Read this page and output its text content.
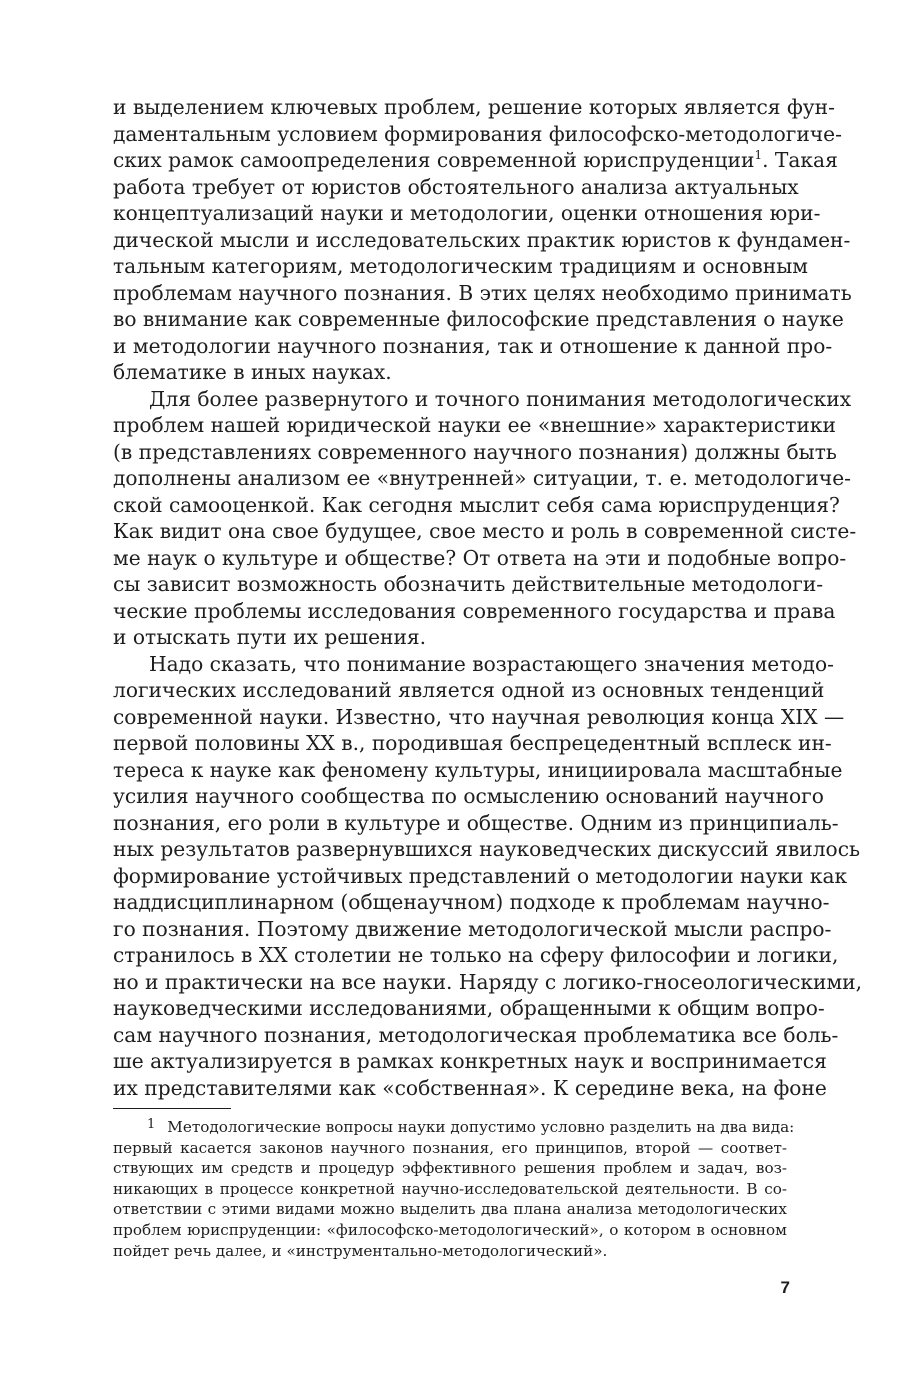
и выделением ключевых проблем, решение которых является фун-
даментальным условием формирования философско-методологиче-
ских рамок самоопределения современной юриспруденции$^1$. Такая
работа требует от юристов обстоятельного анализа актуальных
концептуализаций науки и методологии, оценки отношения юри-
дической мысли и исследовательских практик юристов к фундамен-
тальным категориям, методологическим традициям и основным
проблемам научного познания. В этих целях необходимо принимать
во внимание как современные философские представления о науке
и методологии научного познания, так и отношение к данной про-
блематике в иных науках.
Для более развернутого и точного понимания методологических
проблем нашей юридической науки ее «внешние» характеристики
(в представлениях современного научного познания) должны быть
дополнены анализом ее «внутренней» ситуации, т. е. методологиче-
ской самооценкой. Как сегодня мыслит себя сама юриспруденция?
Как видит она свое будущее, свое место и роль в современной систе-
ме наук о культуре и обществе? От ответа на эти и подобные вопро-
сы зависит возможность обозначить действительные методологи-
ческие проблемы исследования современного государства и права
и отыскать пути их решения.
Надо сказать, что понимание возрастающего значения методо-
логических исследований является одной из основных тенденций
современной науки. Известно, что научная революция конца XIX —
первой половины XX в., породившая беспрецедентный всплеск ин-
тереса к науке как феномену культуры, инициировала масштабные
усилия научного сообщества по осмыслению оснований научного
познания, его роли в культуре и обществе. Одним из принципиаль-
ных результатов развернувшихся науковедческих дискуссий явилось
формирование устойчивых представлений о методологии науки как
наддисциплинарном (общенаучном) подходе к проблемам научно-
го познания. Поэтому движение методологической мысли распро-
странилось в XX столетии не только на сферу философии и логики,
но и практически на все науки. Наряду с логико-гносеологическими,
науковедческими исследованиями, обращенными к общим вопро-
сам научного познания, методологическая проблематика все боль-
ше актуализируется в рамках конкретных наук и воспринимается
их представителями как «собственная». К середине века, на фоне
1 Методологические вопросы науки допустимо условно разделить на два вида:
первый касается законов научного познания, его принципов, второй — соответ-
ствующих им средств и процедур эффективного решения проблем и задач, воз-
никающих в процессе конкретной научно-исследовательской деятельности. В со-
ответствии с этими видами можно выделить два плана анализа методологических
проблем юриспруденции: «философско-методологический», о котором в основном
пойдет речь далее, и «инструментально-методологический».
7
